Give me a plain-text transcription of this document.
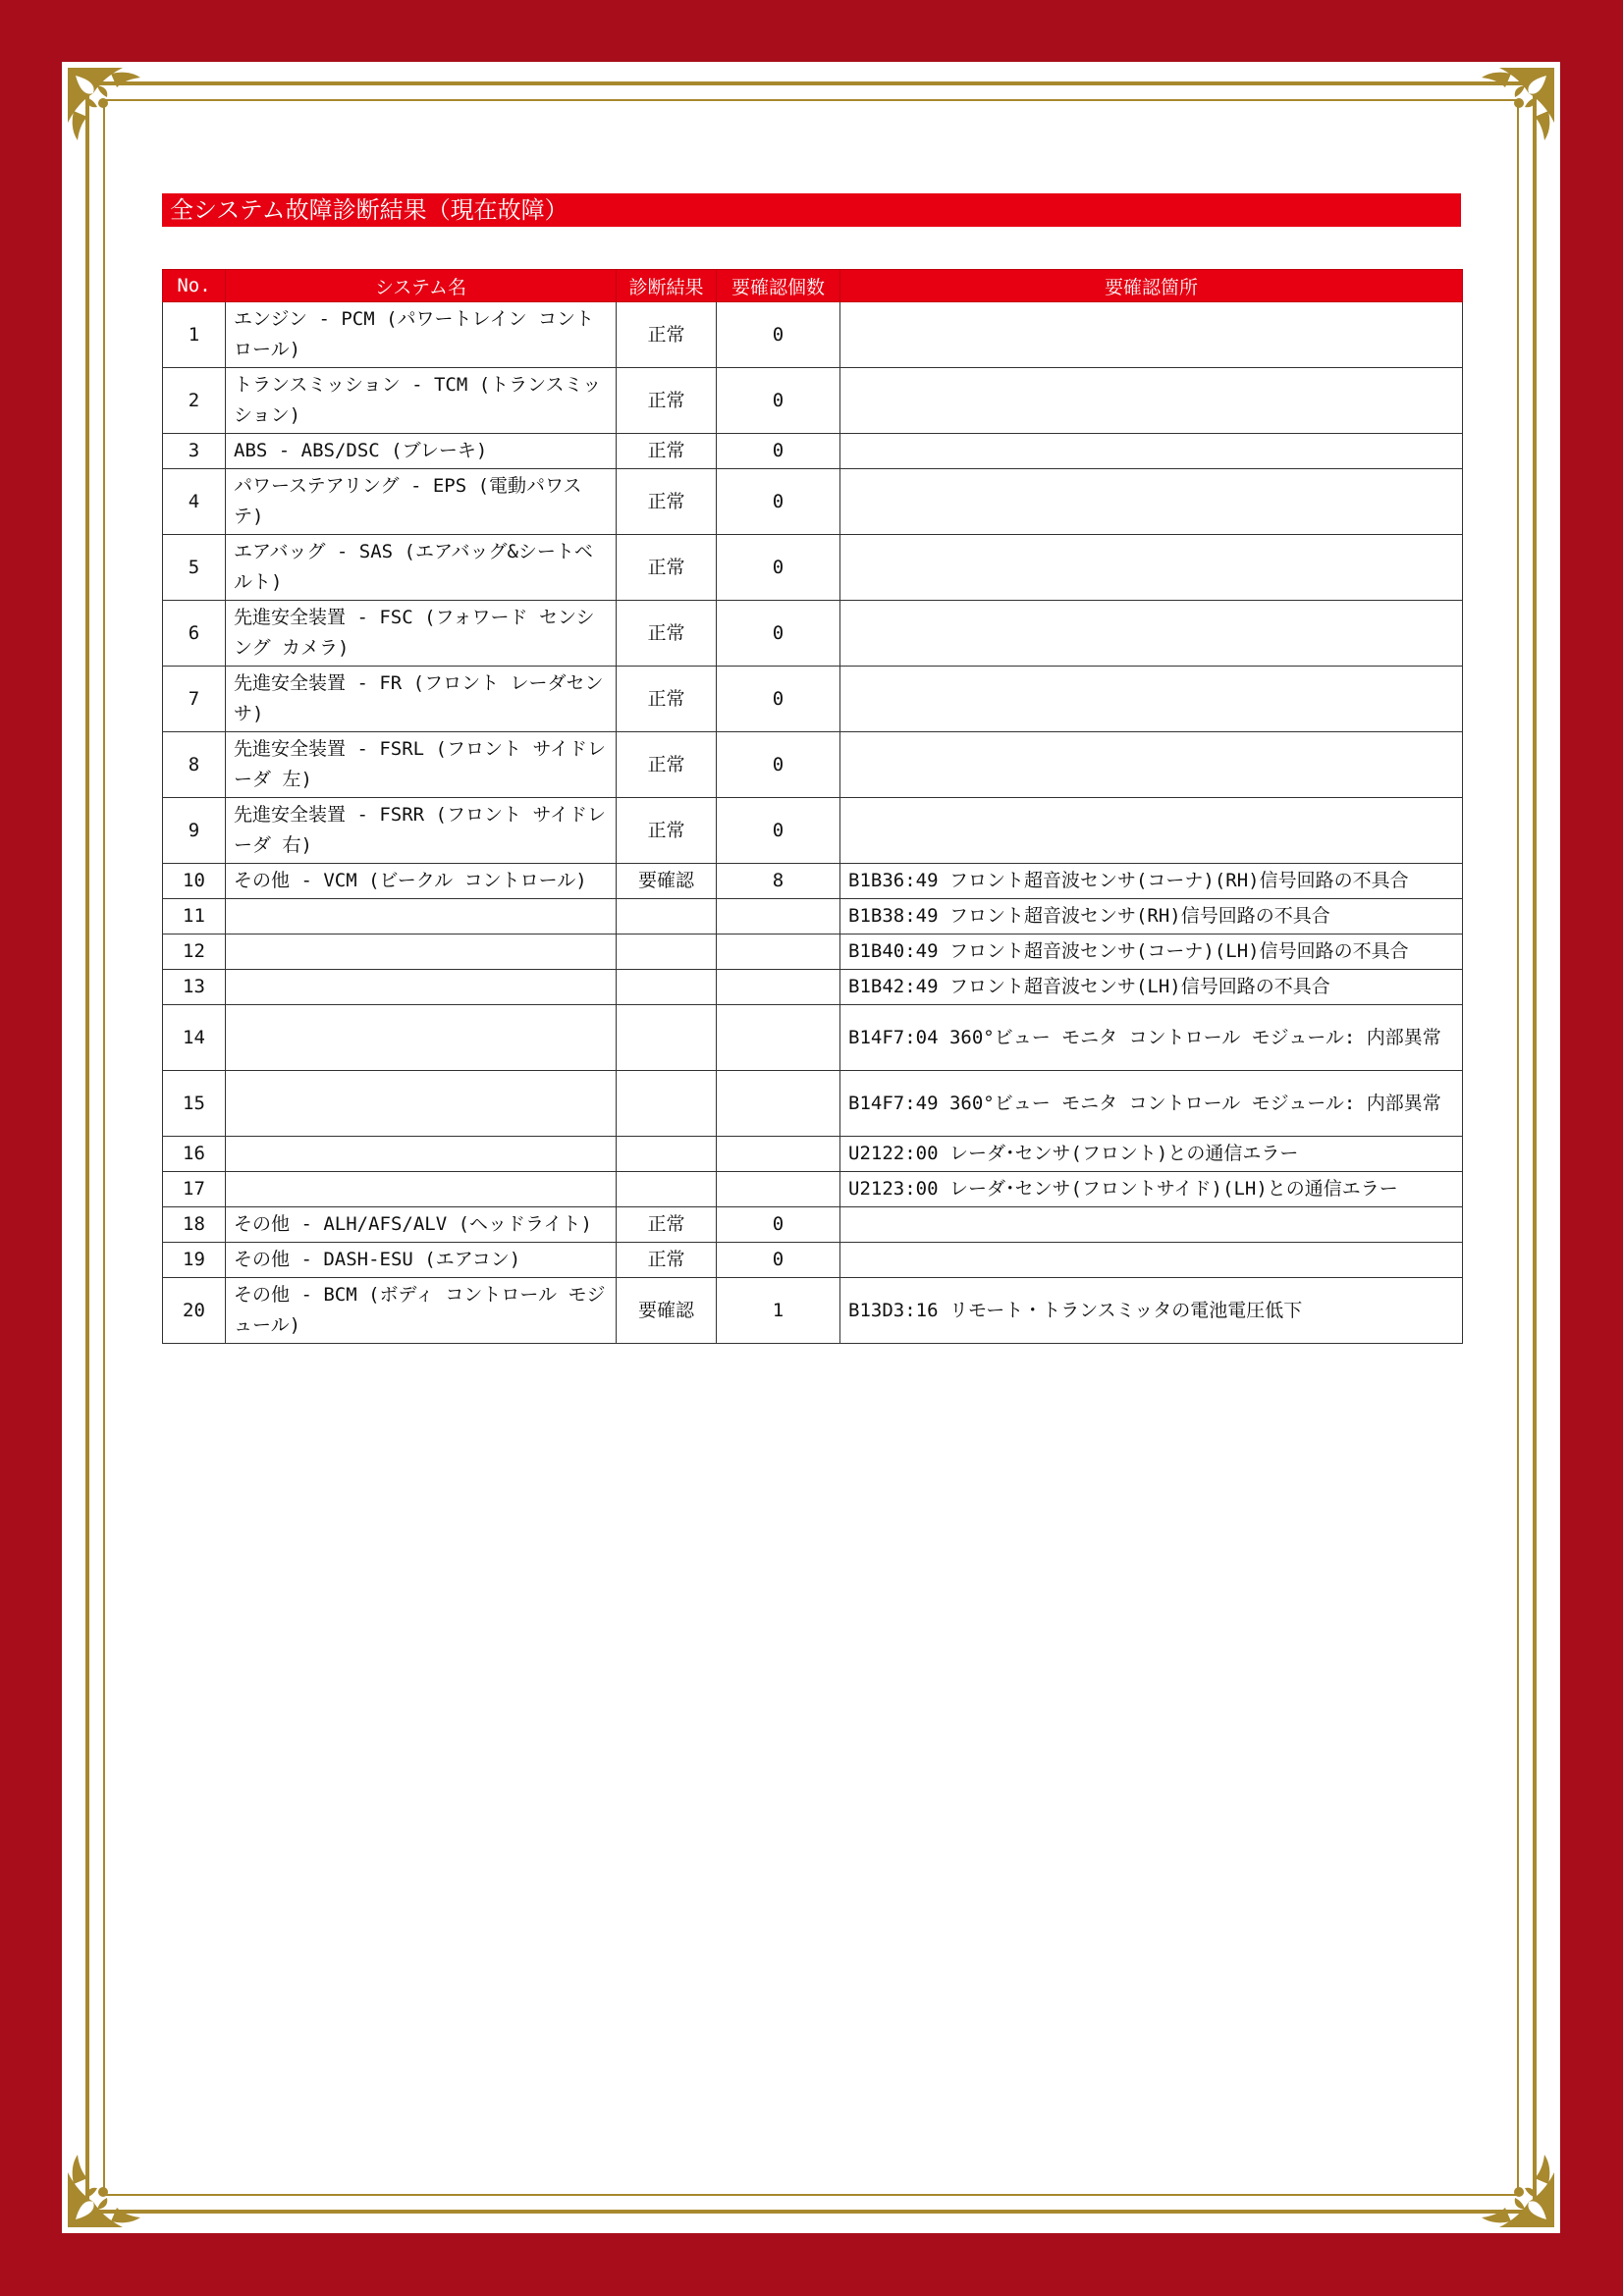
全システム故障診断結果（現在故障）
No.	システム名	診断結果	要確認個数	要確認箇所
1	エンジン - PCM (パワートレイン コントロール)	正常	0	
2	トランスミッション - TCM (トランスミッション)	正常	0	
3	ABS - ABS/DSC (ブレーキ)	正常	0	
4	パワーステアリング - EPS (電動パワステ)	正常	0	
5	エアバッグ - SAS (エアバッグ&シートベルト)	正常	0	
6	先進安全装置 - FSC (フォワード センシング カメラ)	正常	0	
7	先進安全装置 - FR (フロント レーダセンサ)	正常	0	
8	先進安全装置 - FSRL (フロント サイドレーダ 左)	正常	0	
9	先進安全装置 - FSRR (フロント サイドレーダ 右)	正常	0	
10	その他 - VCM (ビークル コントロール)	要確認	8	B1B36:49 フロント超音波センサ(コーナ)(RH)信号回路の不具合
11				B1B38:49 フロント超音波センサ(RH)信号回路の不具合
12				B1B40:49 フロント超音波センサ(コーナ)(LH)信号回路の不具合
13				B1B42:49 フロント超音波センサ(LH)信号回路の不具合
14				B14F7:04 360°ビュー モニタ コントロール モジュール: 内部異常
15				B14F7:49 360°ビュー モニタ コントロール モジュール: 内部異常
16				U2122:00 レーダ･センサ(フロント)との通信エラー
17				U2123:00 レーダ･センサ(フロントサイド)(LH)との通信エラー
18	その他 - ALH/AFS/ALV (ヘッドライト)	正常	0	
19	その他 - DASH-ESU (エアコン)	正常	0	
20	その他 - BCM (ボディ コントロール モジュール)	要確認	1	B13D3:16 リモート・トランスミッタの電池電圧低下
